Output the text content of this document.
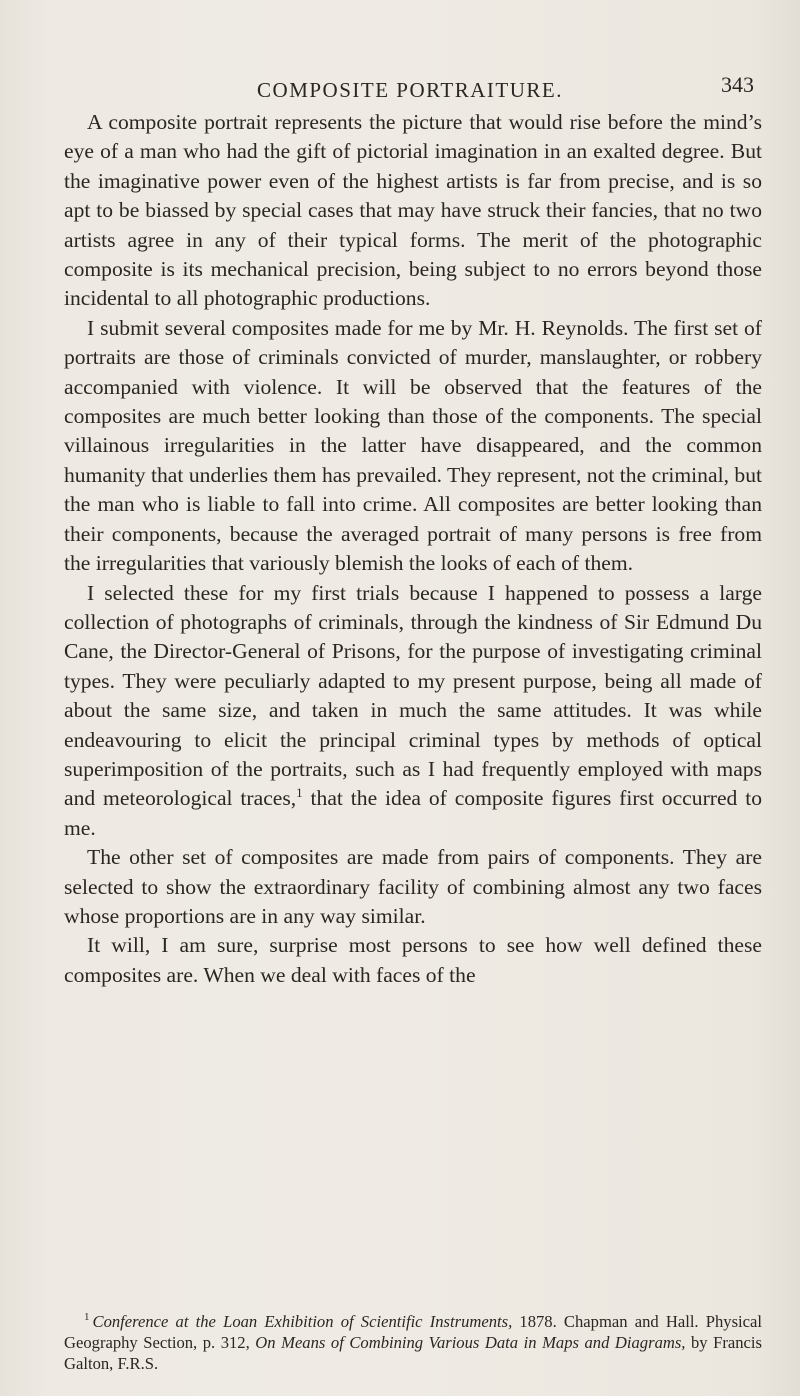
COMPOSITE PORTRAITURE.	343

A composite portrait represents the picture that would rise before the mind’s eye of a man who had the gift of pictorial imagination in an exalted degree. But the imaginative power even of the highest artists is far from precise, and is so apt to be biassed by special cases that may have struck their fancies, that no two artists agree in any of their typical forms. The merit of the photographic composite is its mechanical precision, being subject to no errors beyond those incidental to all photographic productions.

I submit several composites made for me by Mr. H. Reynolds. The first set of portraits are those of criminals convicted of murder, manslaughter, or robbery accompanied with violence. It will be observed that the features of the composites are much better looking than those of the components. The special villainous irregularities in the latter have disappeared, and the common humanity that underlies them has prevailed. They represent, not the criminal, but the man who is liable to fall into crime. All composites are better looking than their components, because the averaged portrait of many persons is free from the irregularities that variously blemish the looks of each of them.

I selected these for my first trials because I happened to possess a large collection of photographs of criminals, through the kindness of Sir Edmund Du Cane, the Director-General of Prisons, for the purpose of investigating criminal types. They were peculiarly adapted to my present purpose, being all made of about the same size, and taken in much the same attitudes. It was while endeavouring to elicit the principal criminal types by methods of optical superimposition of the portraits, such as I had frequently employed with maps and meteorological traces,$^1$ that the idea of composite figures first occurred to me.

The other set of composites are made from pairs of components. They are selected to show the extraordinary facility of combining almost any two faces whose proportions are in any way similar.

It will, I am sure, surprise most persons to see how well defined these composites are. When we deal with faces of the

$^1$ Conference at the Loan Exhibition of Scientific Instruments, 1878. Chapman and Hall. Physical Geography Section, p. 312, On Means of Combining Various Data in Maps and Diagrams, by Francis Galton, F.R.S.
